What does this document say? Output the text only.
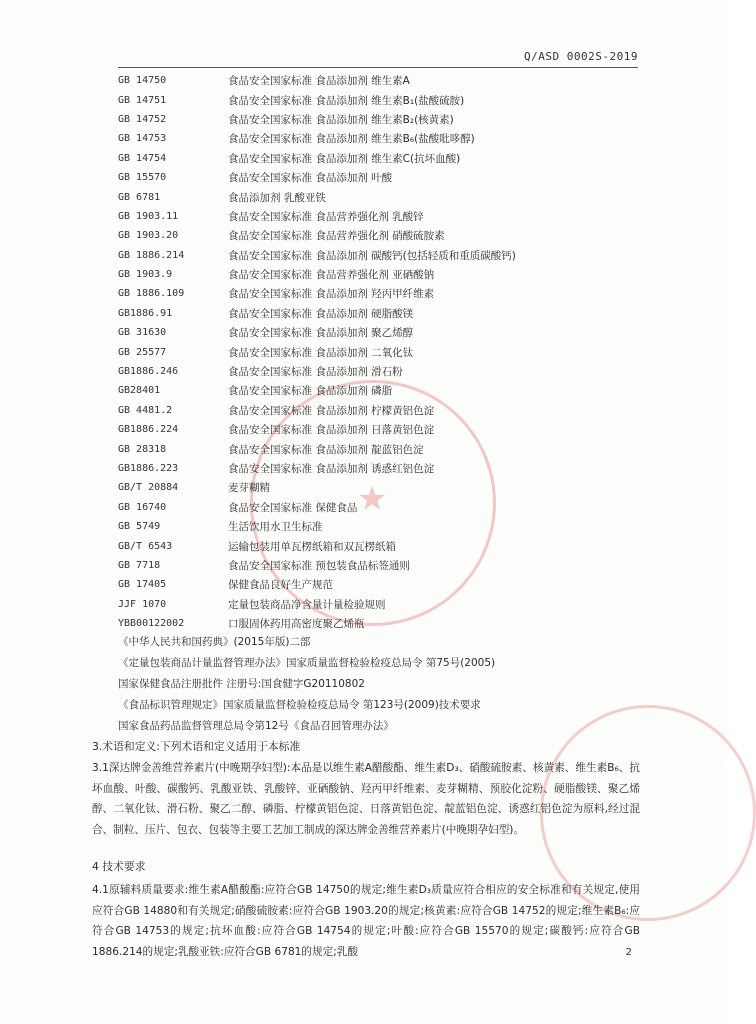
★
Q/ASD 0002S-2019
GB 14750	食品安全国家标准 食品添加剂 维生素A
GB 14751	食品安全国家标准 食品添加剂 维生素B₁(盐酸硫胺)
GB 14752	食品安全国家标准 食品添加剂 维生素B₂(核黄素)
GB 14753	食品安全国家标准 食品添加剂 维生素B₆(盐酸吡哆醇)
GB 14754	食品安全国家标准 食品添加剂 维生素C(抗坏血酸)
GB 15570	食品安全国家标准 食品添加剂 叶酸
GB 6781	食品添加剂 乳酸亚铁
GB 1903.11	食品安全国家标准 食品营养强化剂 乳酸锌
GB 1903.20	食品安全国家标准 食品营养强化剂 硝酸硫胺素
GB 1886.214	食品安全国家标准 食品添加剂 碳酸钙(包括轻质和重质碳酸钙)
GB 1903.9	食品安全国家标准 食品营养强化剂 亚硒酸钠
GB 1886.109	食品安全国家标准 食品添加剂 羟丙甲纤维素
GB1886.91	食品安全国家标准 食品添加剂 硬脂酸镁
GB 31630	食品安全国家标准 食品添加剂 聚乙烯醇
GB 25577	食品安全国家标准 食品添加剂 二氧化钛
GB1886.246	食品安全国家标准 食品添加剂 滑石粉
GB28401	食品安全国家标准 食品添加剂 磷脂
GB 4481.2	食品安全国家标准 食品添加剂 柠檬黄铝色淀
GB1886.224	食品安全国家标准 食品添加剂 日落黄铝色淀
GB 28318	食品安全国家标准 食品添加剂 靛蓝铝色淀
GB1886.223	食品安全国家标准 食品添加剂 诱惑红铝色淀
GB/T 20884	麦芽糊精
GB 16740	食品安全国家标准 保健食品
GB 5749	生活饮用水卫生标准
GB/T 6543	运输包装用单瓦楞纸箱和双瓦楞纸箱
GB 7718	食品安全国家标准 预包装食品标签通则
GB 17405	保健食品良好生产规范
JJF 1070	定量包装商品净含量计量检验规则
YBB00122002	口服固体药用高密度聚乙烯瓶
《中华人民共和国药典》(2015年版)二部
《定量包装商品计量监督管理办法》国家质量监督检验检疫总局令 第75号(2005)
国家保健食品注册批件 注册号:国食健字G20110802
《食品标识管理规定》国家质量监督检验检疫总局令 第123号(2009)技术要求
国家食品药品监督管理总局令第12号《食品召回管理办法》
3.术语和定义:下列术语和定义适用于本标准
3.1深达牌金善维营养素片(中晚期孕妇型):本品是以维生素A醋酸酯、维生素D₃、硝酸硫胺素、核黄素、维生素B₆、抗坏血酸、叶酸、碳酸钙、乳酸亚铁、乳酸锌、亚硒酸钠、羟丙甲纤维素、麦芽糊精、预胶化淀粉、硬脂酸镁、聚乙烯醇、二氧化钛、滑石粉、聚乙二醇、磷脂、柠檬黄铝色淀、日落黄铝色淀、靛蓝铝色淀、诱惑红铝色淀为原料,经过混合、制粒、压片、包衣、包装等主要工艺加工制成的深达牌金善维营养素片(中晚期孕妇型)。
4 技术要求
4.1原辅料质量要求:维生素A醋酸酯:应符合GB 14750的规定;维生素D₃质量应符合相应的安全标准和有关规定,使用应符合GB 14880和有关规定;硝酸硫胺素:应符合GB 1903.20的规定;核黄素:应符合GB 14752的规定;维生素B₆:应符合GB 14753的规定;抗坏血酸:应符合GB 14754的规定;叶酸:应符合GB 15570的规定;碳酸钙:应符合GB 1886.214的规定;乳酸亚铁:应符合GB 6781的规定;乳酸	2
